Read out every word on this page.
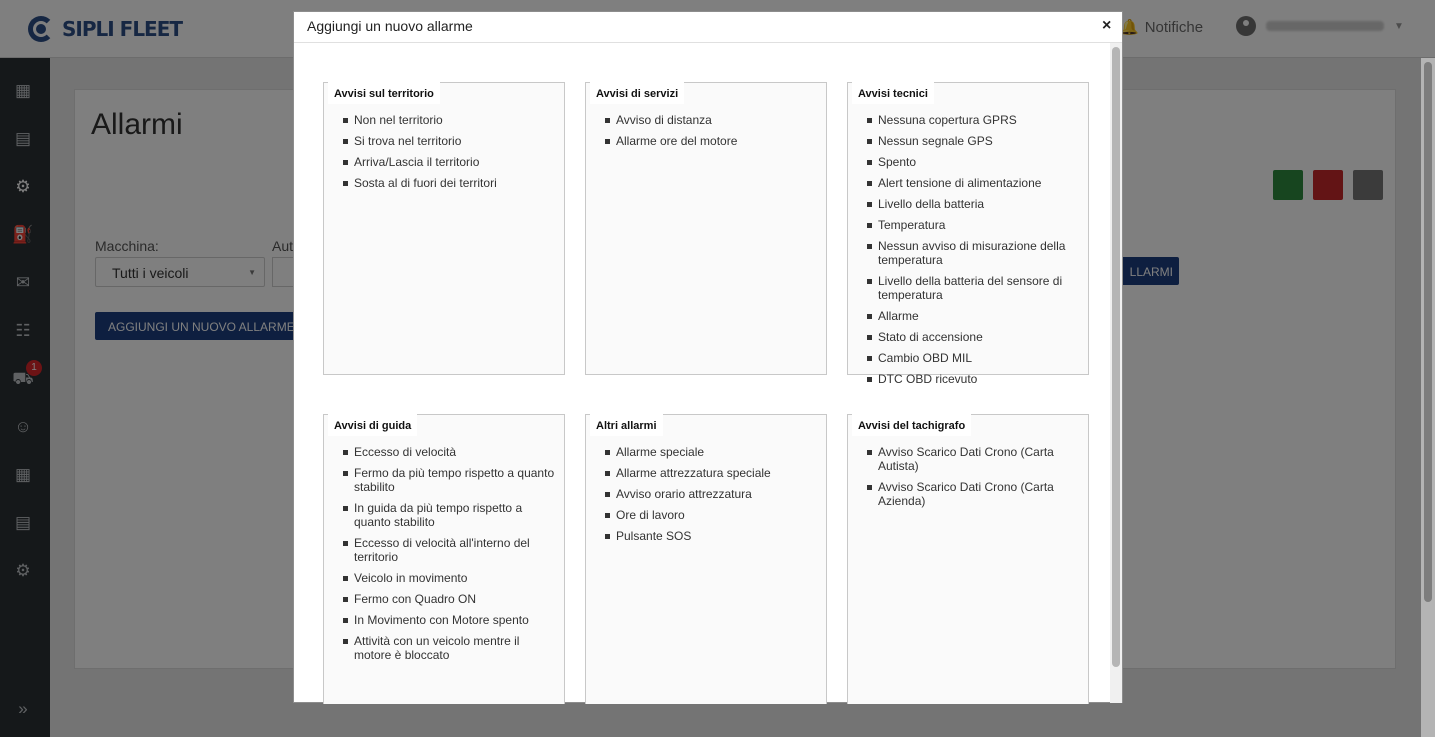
Aggiungi un nuovo allarme	×
Avvisi sul territorio
Non nel territorio
Si trova nel territorio
Arriva/Lascia il territorio
Sosta al di fuori dei territori
Avvisi di servizi
Avviso di distanza
Allarme ore del motore
Avvisi tecnici
Nessuna copertura GPRS
Nessun segnale GPS
Spento
Alert tensione di alimentazione
Livello della batteria
Temperatura
Nessun avviso di misurazione della temperatura
Livello della batteria del sensore di temperatura
Allarme
Stato di accensione
Cambio OBD MIL
DTC OBD ricevuto
Avvisi di guida
Eccesso di velocità
Fermo da più tempo rispetto a quanto stabilito
In guida da più tempo rispetto a quanto stabilito
Eccesso di velocità all'interno del territorio
Veicolo in movimento
Fermo con Quadro ON
In Movimento con Motore spento
Attività con un veicolo mentre il motore è bloccato
Altri allarmi
Allarme speciale
Allarme attrezzatura speciale
Avviso orario attrezzatura
Ore di lavoro
Pulsante SOS
Avvisi del tachigrafo
Avviso Scarico Dati Crono (Carta Autista)
Avviso Scarico Dati Crono (Carta Azienda)
